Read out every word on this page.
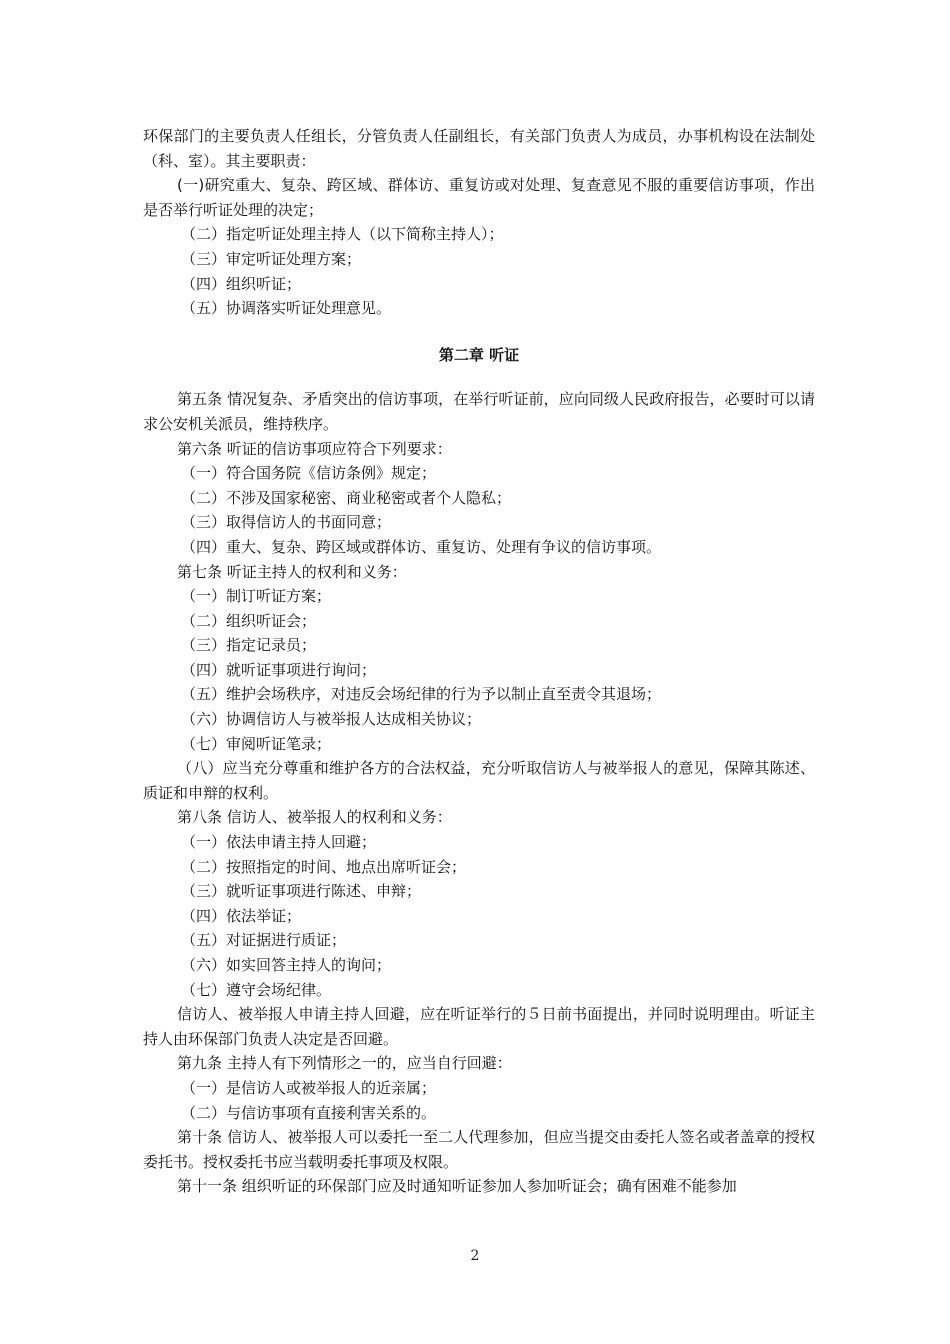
环保部门的主要负责人任组长，分管负责人任副组长，有关部门负责人为成员，办事机构设在法制处（科、室）。其主要职责：

(一)研究重大、复杂、跨区域、群体访、重复访或对处理、复查意见不服的重要信访事项，作出是否举行听证处理的决定；

（二）指定听证处理主持人（以下简称主持人）；

（三）审定听证处理方案；

（四）组织听证；

（五）协调落实听证处理意见。

第二章 听证

第五条 情况复杂、矛盾突出的信访事项，在举行听证前，应向同级人民政府报告，必要时可以请求公安机关派员，维持秩序。

第六条 听证的信访事项应符合下列要求：

（一）符合国务院《信访条例》规定；

（二）不涉及国家秘密、商业秘密或者个人隐私；

（三）取得信访人的书面同意；

（四）重大、复杂、跨区域或群体访、重复访、处理有争议的信访事项。

第七条 听证主持人的权利和义务：

（一）制订听证方案；

（二）组织听证会；

（三）指定记录员；

（四）就听证事项进行询问；

（五）维护会场秩序，对违反会场纪律的行为予以制止直至责令其退场；

（六）协调信访人与被举报人达成相关协议；

（七）审阅听证笔录；

（八）应当充分尊重和维护各方的合法权益，充分听取信访人与被举报人的意见，保障其陈述、质证和申辩的权利。

第八条 信访人、被举报人的权利和义务：

（一）依法申请主持人回避；

（二）按照指定的时间、地点出席听证会；

（三）就听证事项进行陈述、申辩；

（四）依法举证；

（五）对证据进行质证；

（六）如实回答主持人的询问；

（七）遵守会场纪律。

信访人、被举报人申请主持人回避，应在听证举行的５日前书面提出，并同时说明理由。听证主持人由环保部门负责人决定是否回避。

第九条 主持人有下列情形之一的，应当自行回避：

（一）是信访人或被举报人的近亲属；

（二）与信访事项有直接利害关系的。

第十条 信访人、被举报人可以委托一至二人代理参加，但应当提交由委托人签名或者盖章的授权委托书。授权委托书应当载明委托事项及权限。

第十一条 组织听证的环保部门应及时通知听证参加人参加听证会；确有困难不能参加

2
